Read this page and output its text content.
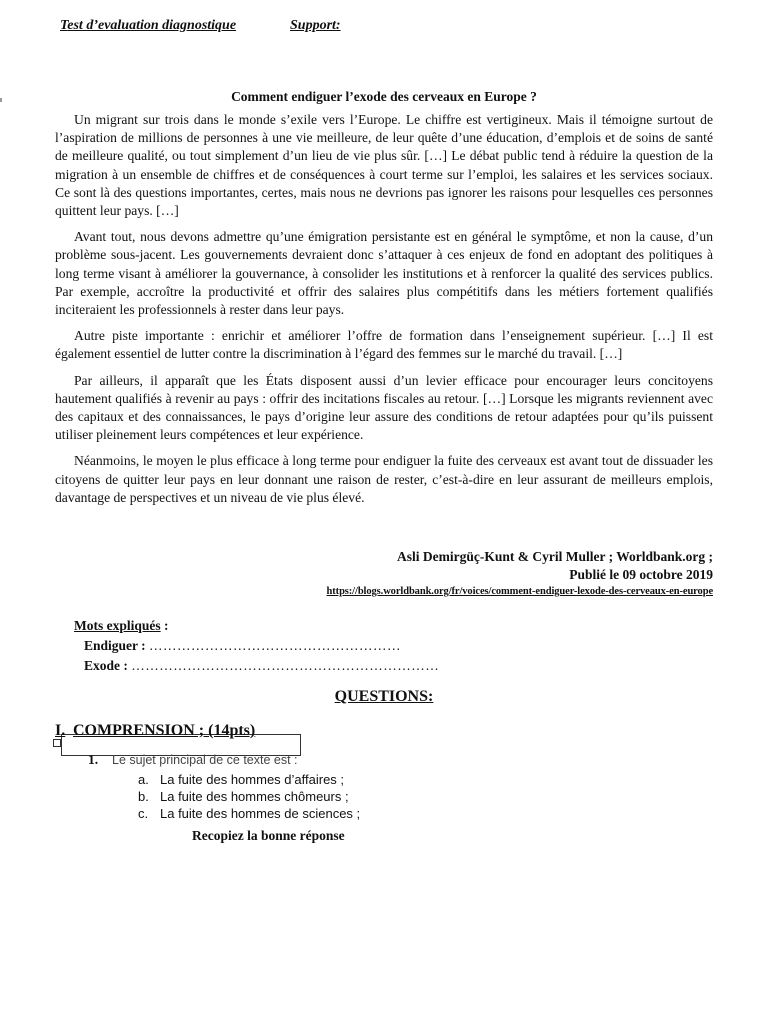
Test d’evaluation diagnostique	Support:
Comment endiguer l’exode des cerveaux en Europe ?

Un migrant sur trois dans le monde s’exile vers l’Europe. Le chiffre est vertigineux. Mais il témoigne surtout de l’aspiration de millions de personnes à une vie meilleure, de leur quête d’une éducation, d’emplois et de soins de santé de meilleure qualité, ou tout simplement d’un lieu de vie plus sûr. […] Le débat public tend à réduire la question de la migration à un ensemble de chiffres et de conséquences à court terme sur l’emploi, les salaires et les services sociaux. Ce sont là des questions importantes, certes, mais nous ne devrions pas ignorer les raisons pour lesquelles ces personnes quittent leur pays. […]

Avant tout, nous devons admettre qu’une émigration persistante est en général le symptôme, et non la cause, d’un problème sous-jacent. Les gouvernements devraient donc s’attaquer à ces enjeux de fond en adoptant des politiques à long terme visant à améliorer la gouvernance, à consolider les institutions et à renforcer la qualité des services publics. Par exemple, accroître la productivité et offrir des salaires plus compétitifs dans les métiers fortement qualifiés inciteraient les professionnels à rester dans leur pays.

Autre piste importante : enrichir et améliorer l’offre de formation dans l’enseignement supérieur. […] Il est également essentiel de lutter contre la discrimination à l’égard des femmes sur le marché du travail. […]

Par ailleurs, il apparaît que les États disposent aussi d’un levier efficace pour encourager leurs concitoyens hautement qualifiés à revenir au pays : offrir des incitations fiscales au retour. […] Lorsque les migrants reviennent avec des capitaux et des connaissances, le pays d’origine leur assure des conditions de retour adaptées pour qu’ils puissent utiliser pleinement leurs compétences et leur expérience.

Néanmoins, le moyen le plus efficace à long terme pour endiguer la fuite des cerveaux est avant tout de dissuader les citoyens de quitter leur pays en leur donnant une raison de rester, c’est-à-dire en leur assurant de meilleurs emplois, davantage de perspectives et un niveau de vie plus élevé.

Asli Demirgüç-Kunt & Cyril Muller ; Worldbank.org ;
Publié le 09 octobre 2019
https://blogs.worldbank.org/fr/voices/comment-endiguer-lexode-des-cerveaux-en-europe
Mots expliqués :
Endiguer : ………………………………………………
Exode : …………………………………………………………
QUESTIONS:
I. COMPRENSION ; (14pts)
1. Le sujet principal de ce texte est :
a. La fuite des hommes d’affaires ;
b. La fuite des hommes chômeurs ;
c. La fuite des hommes de sciences ;
Recopiez la bonne réponse
